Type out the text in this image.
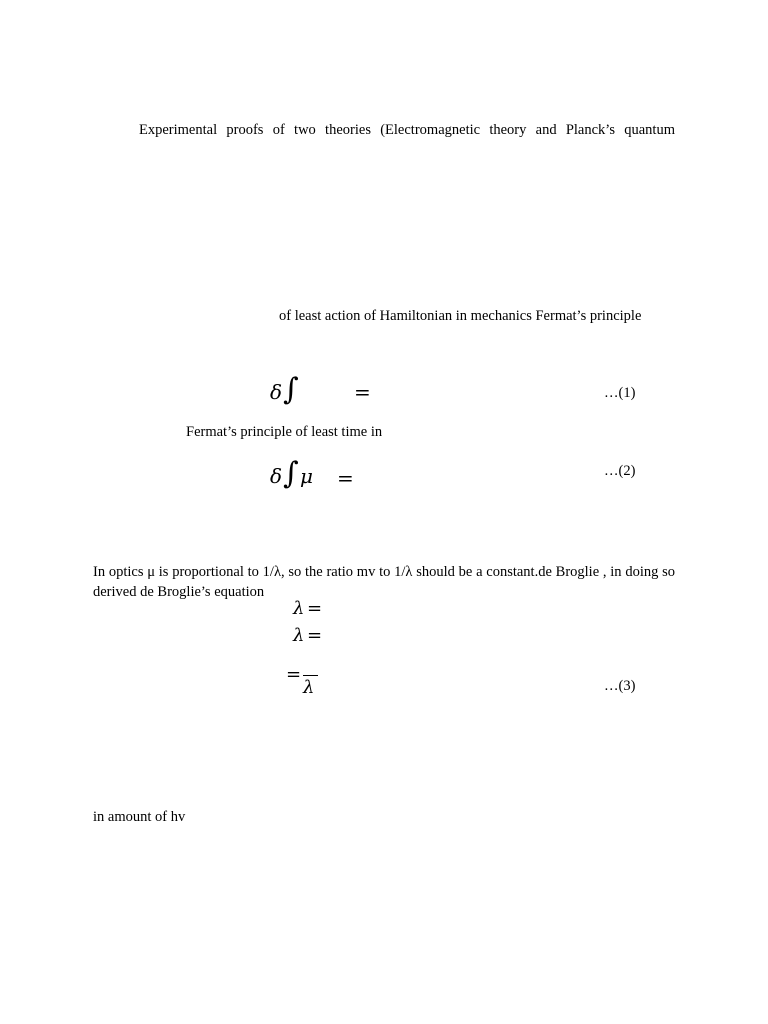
Experimental proofs of two theories (Electromagnetic theory and Planck’s quantum
of least action of Hamiltonian in mechanics Fermat’s principle
δ ∫	=	…(1)
Fermat’s principle of least time in
δ ∫ μ =	…(2)
In optics μ is proportional to 1/λ, so the ratio mv to 1/λ should be a constant.de Broglie , in doing so derived de Broglie’s equation
λ =
λ =
=
λ	…(3)
in amount of hv
